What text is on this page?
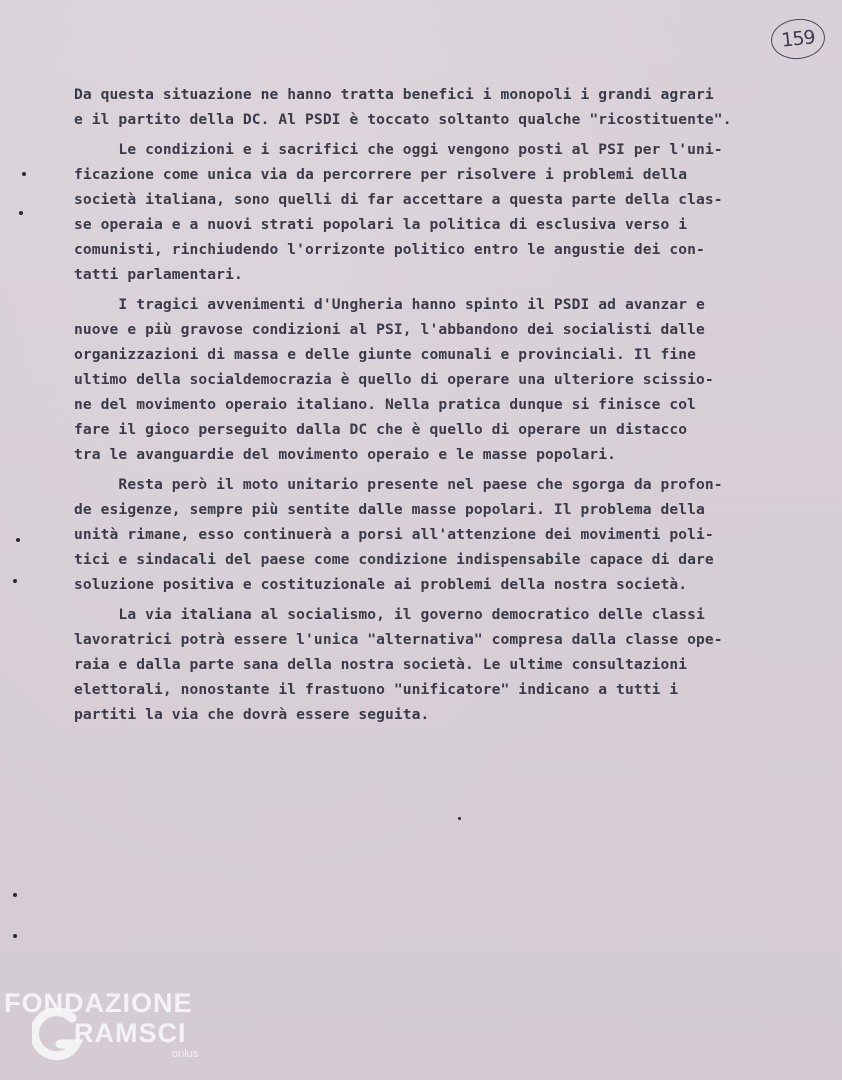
159
Da questa situazione ne hanno tratta benefici i monopoli i grandi agrari
e il partito della DC. Al PSDI è toccato soltanto qualche "ricostituente".
Le condizioni e i sacrifici che oggi vengono posti al PSI per l'uni-
ficazione come unica via da percorrere per risolvere i problemi della
società italiana, sono quelli di far accettare a questa parte della clas-
se operaia e a nuovi strati popolari la politica di esclusiva verso i
comunisti, rinchiudendo l'orrizonte politico entro le angustie dei con-
tatti parlamentari.
I tragici avvenimenti d'Ungheria hanno spinto il PSDI ad avanzar e
nuove e più gravose condizioni al PSI, l'abbandono dei socialisti dalle
organizzazioni di massa e delle giunte comunali e provinciali. Il fine
ultimo della socialdemocrazia è quello di operare una ulteriore scissio-
ne del movimento operaio italiano. Nella pratica dunque si finisce col
fare il gioco perseguito dalla DC che è quello di operare un distacco
tra le avanguardie del movimento operaio e le masse popolari.
Resta però il moto unitario presente nel paese che sgorga da profon-
de esigenze, sempre più sentite dalle masse popolari. Il problema della
unità rimane, esso continuerà a porsi all'attenzione dei movimenti poli-
tici e sindacali del paese come condizione indispensabile capace di dare
soluzione positiva e costituzionale ai problemi della nostra società.
La via italiana al socialismo, il governo democratico delle classi
lavoratrici potrà essere l'unica "alternativa" compresa dalla classe ope-
raia e dalla parte sana della nostra società. Le ultime consultazioni
elettorali, nonostante il frastuono "unificatore" indicano a tutti i
partiti la via che dovrà essere seguita.
FONDAZIONE
RAMSCI
onlus
